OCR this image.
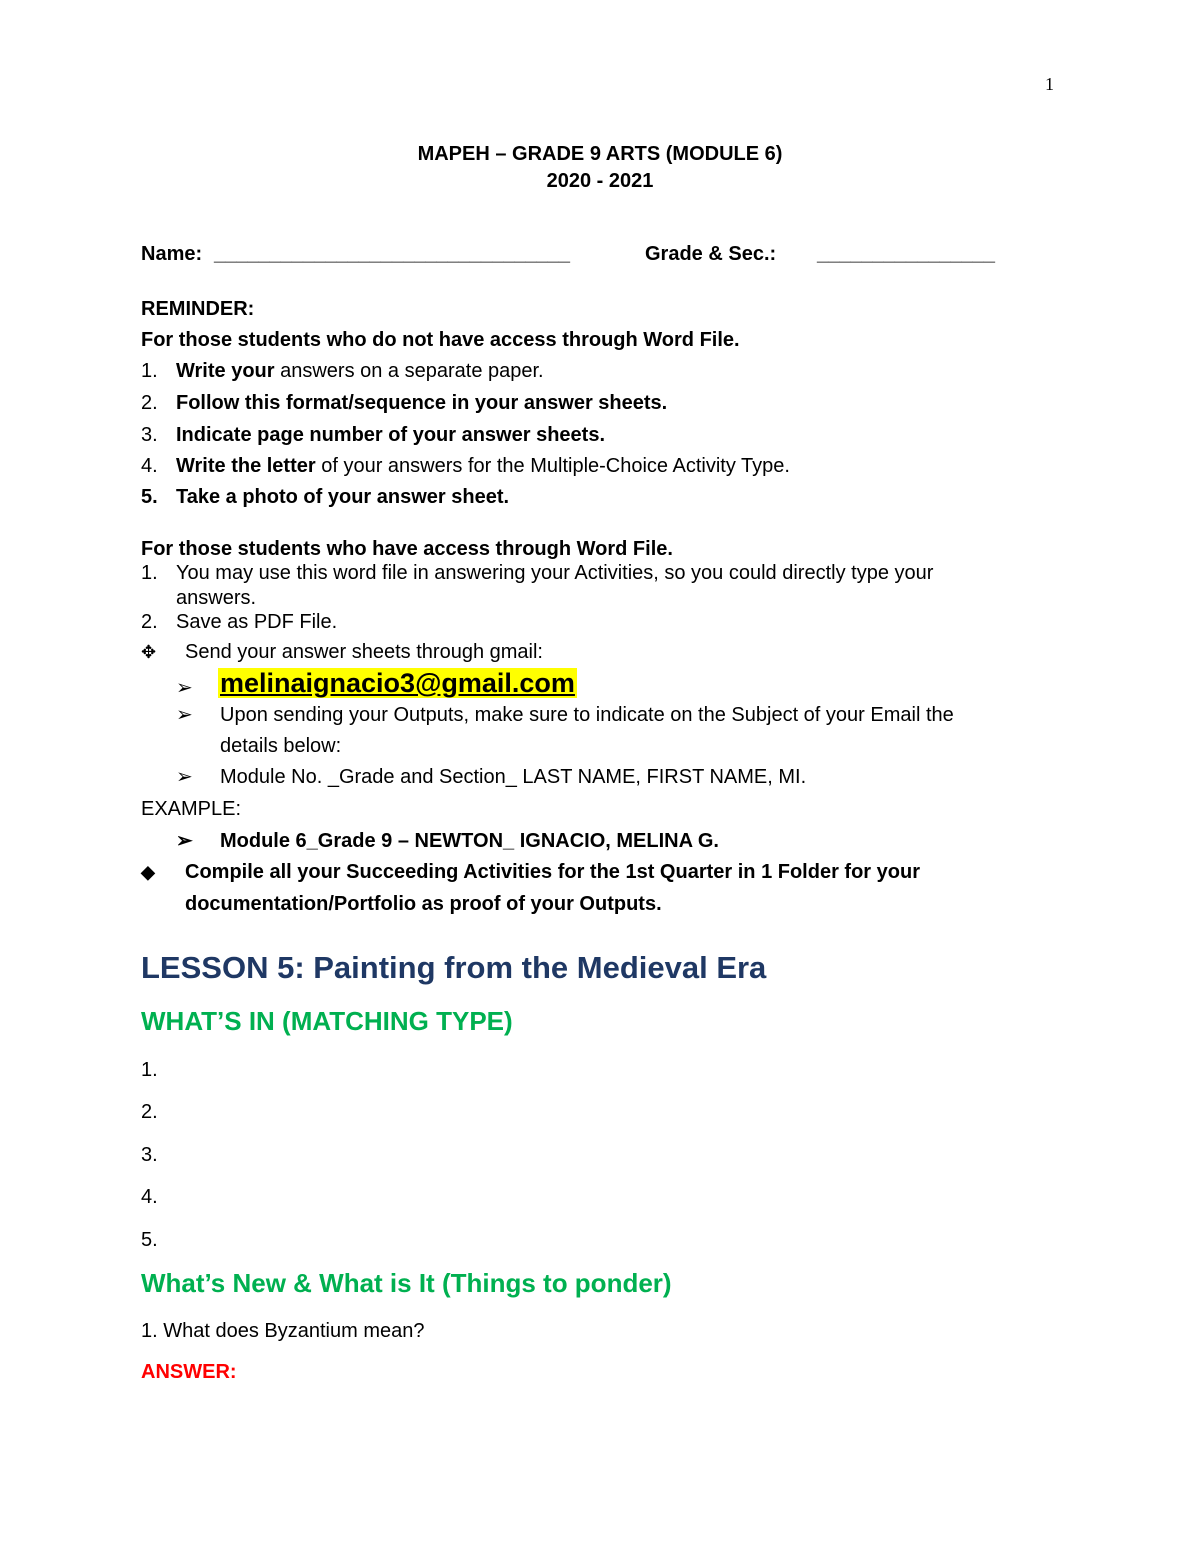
1
MAPEH – GRADE 9 ARTS (MODULE 6)
2020 - 2021
Name: ________________________________	Grade & Sec.: ________________
REMINDER:
For those students who do not have access through Word File.
1. Write your answers on a separate paper.
2. Follow this format/sequence in your answer sheets.
3. Indicate page number of your answer sheets.
4. Write the letter of your answers for the Multiple-Choice Activity Type.
5. Take a photo of your answer sheet.
For those students who have access through Word File.
1. You may use this word file in answering your Activities, so you could directly type your
answers.
2. Save as PDF File.
✥ Send your answer sheets through gmail:
➢ melinaignacio3@gmail.com
➢ Upon sending your Outputs, make sure to indicate on the Subject of your Email the
details below:
➢ Module No. _Grade and Section_ LAST NAME, FIRST NAME, MI.
EXAMPLE:
➢ Module 6_Grade 9 – NEWTON_ IGNACIO, MELINA G.
◆ Compile all your Succeeding Activities for the 1st Quarter in 1 Folder for your
documentation/Portfolio as proof of your Outputs.
LESSON 5: Painting from the Medieval Era
WHAT’S IN (MATCHING TYPE)
1.
2.
3.
4.
5.
What’s New & What is It (Things to ponder)
1. What does Byzantium mean?
ANSWER:
